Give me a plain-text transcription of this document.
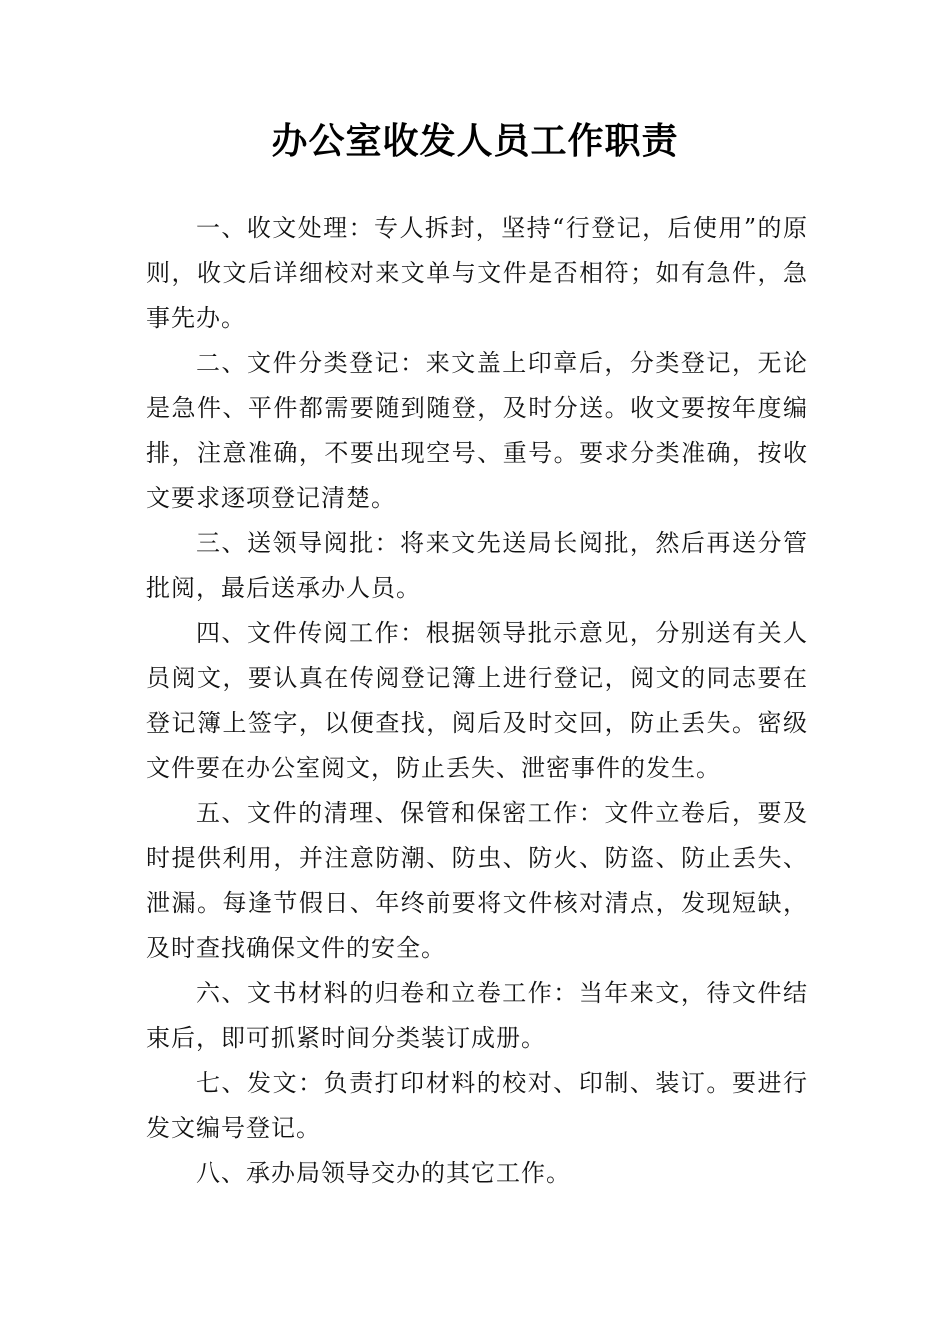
办公室收发人员工作职责

一、收文处理：专人拆封，坚持“行登记，后使用”的原则，收文后详细校对来文单与文件是否相符；如有急件，急事先办。

二、文件分类登记：来文盖上印章后，分类登记，无论是急件、平件都需要随到随登，及时分送。收文要按年度编排，注意准确，不要出现空号、重号。要求分类准确，按收文要求逐项登记清楚。

三、送领导阅批：将来文先送局长阅批，然后再送分管批阅，最后送承办人员。

四、文件传阅工作：根据领导批示意见，分别送有关人员阅文，要认真在传阅登记簿上进行登记，阅文的同志要在登记簿上签字，以便查找，阅后及时交回，防止丢失。密级文件要在办公室阅文，防止丢失、泄密事件的发生。

五、文件的清理、保管和保密工作：文件立卷后，要及时提供利用，并注意防潮、防虫、防火、防盗、防止丢失、泄漏。每逢节假日、年终前要将文件核对清点，发现短缺，及时查找确保文件的安全。

六、文书材料的归卷和立卷工作：当年来文，待文件结束后，即可抓紧时间分类装订成册。

七、发文：负责打印材料的校对、印制、装订。要进行发文编号登记。

八、承办局领导交办的其它工作。
